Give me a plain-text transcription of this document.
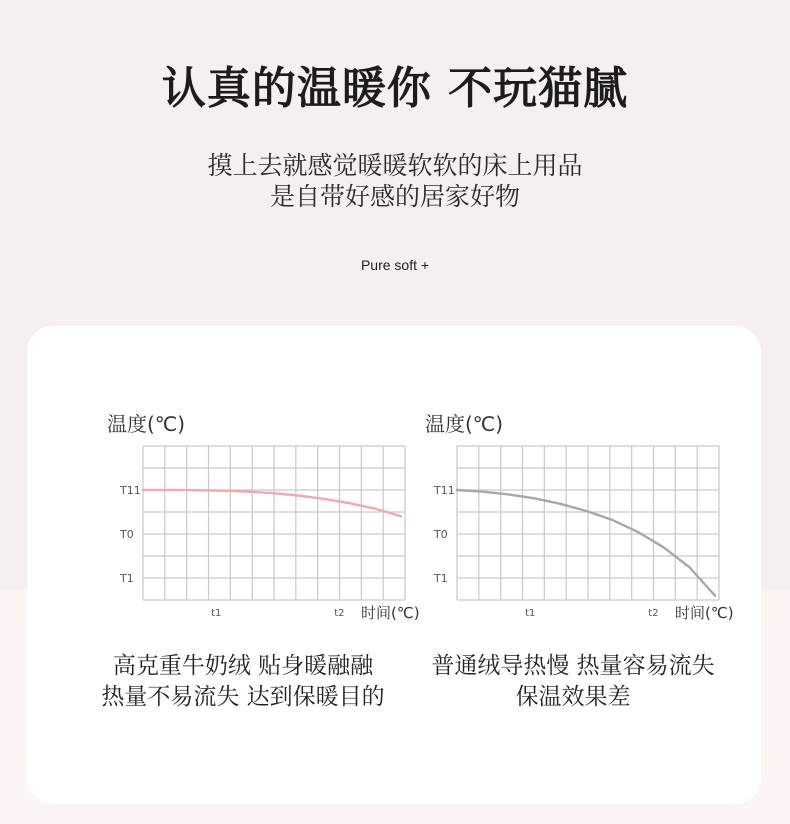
认真的温暖你 不玩猫腻
摸上去就感觉暖暖软软的床上用品
是自带好感的居家好物
Pure soft +
温度(℃)
T11
T0
T1
t1	t2 时间(℃)
温度(℃)
T11
T0
T1
t1	t2 时间(℃)
高克重牛奶绒 贴身暖融融
热量不易流失 达到保暖目的
普通绒导热慢 热量容易流失
保温效果差
